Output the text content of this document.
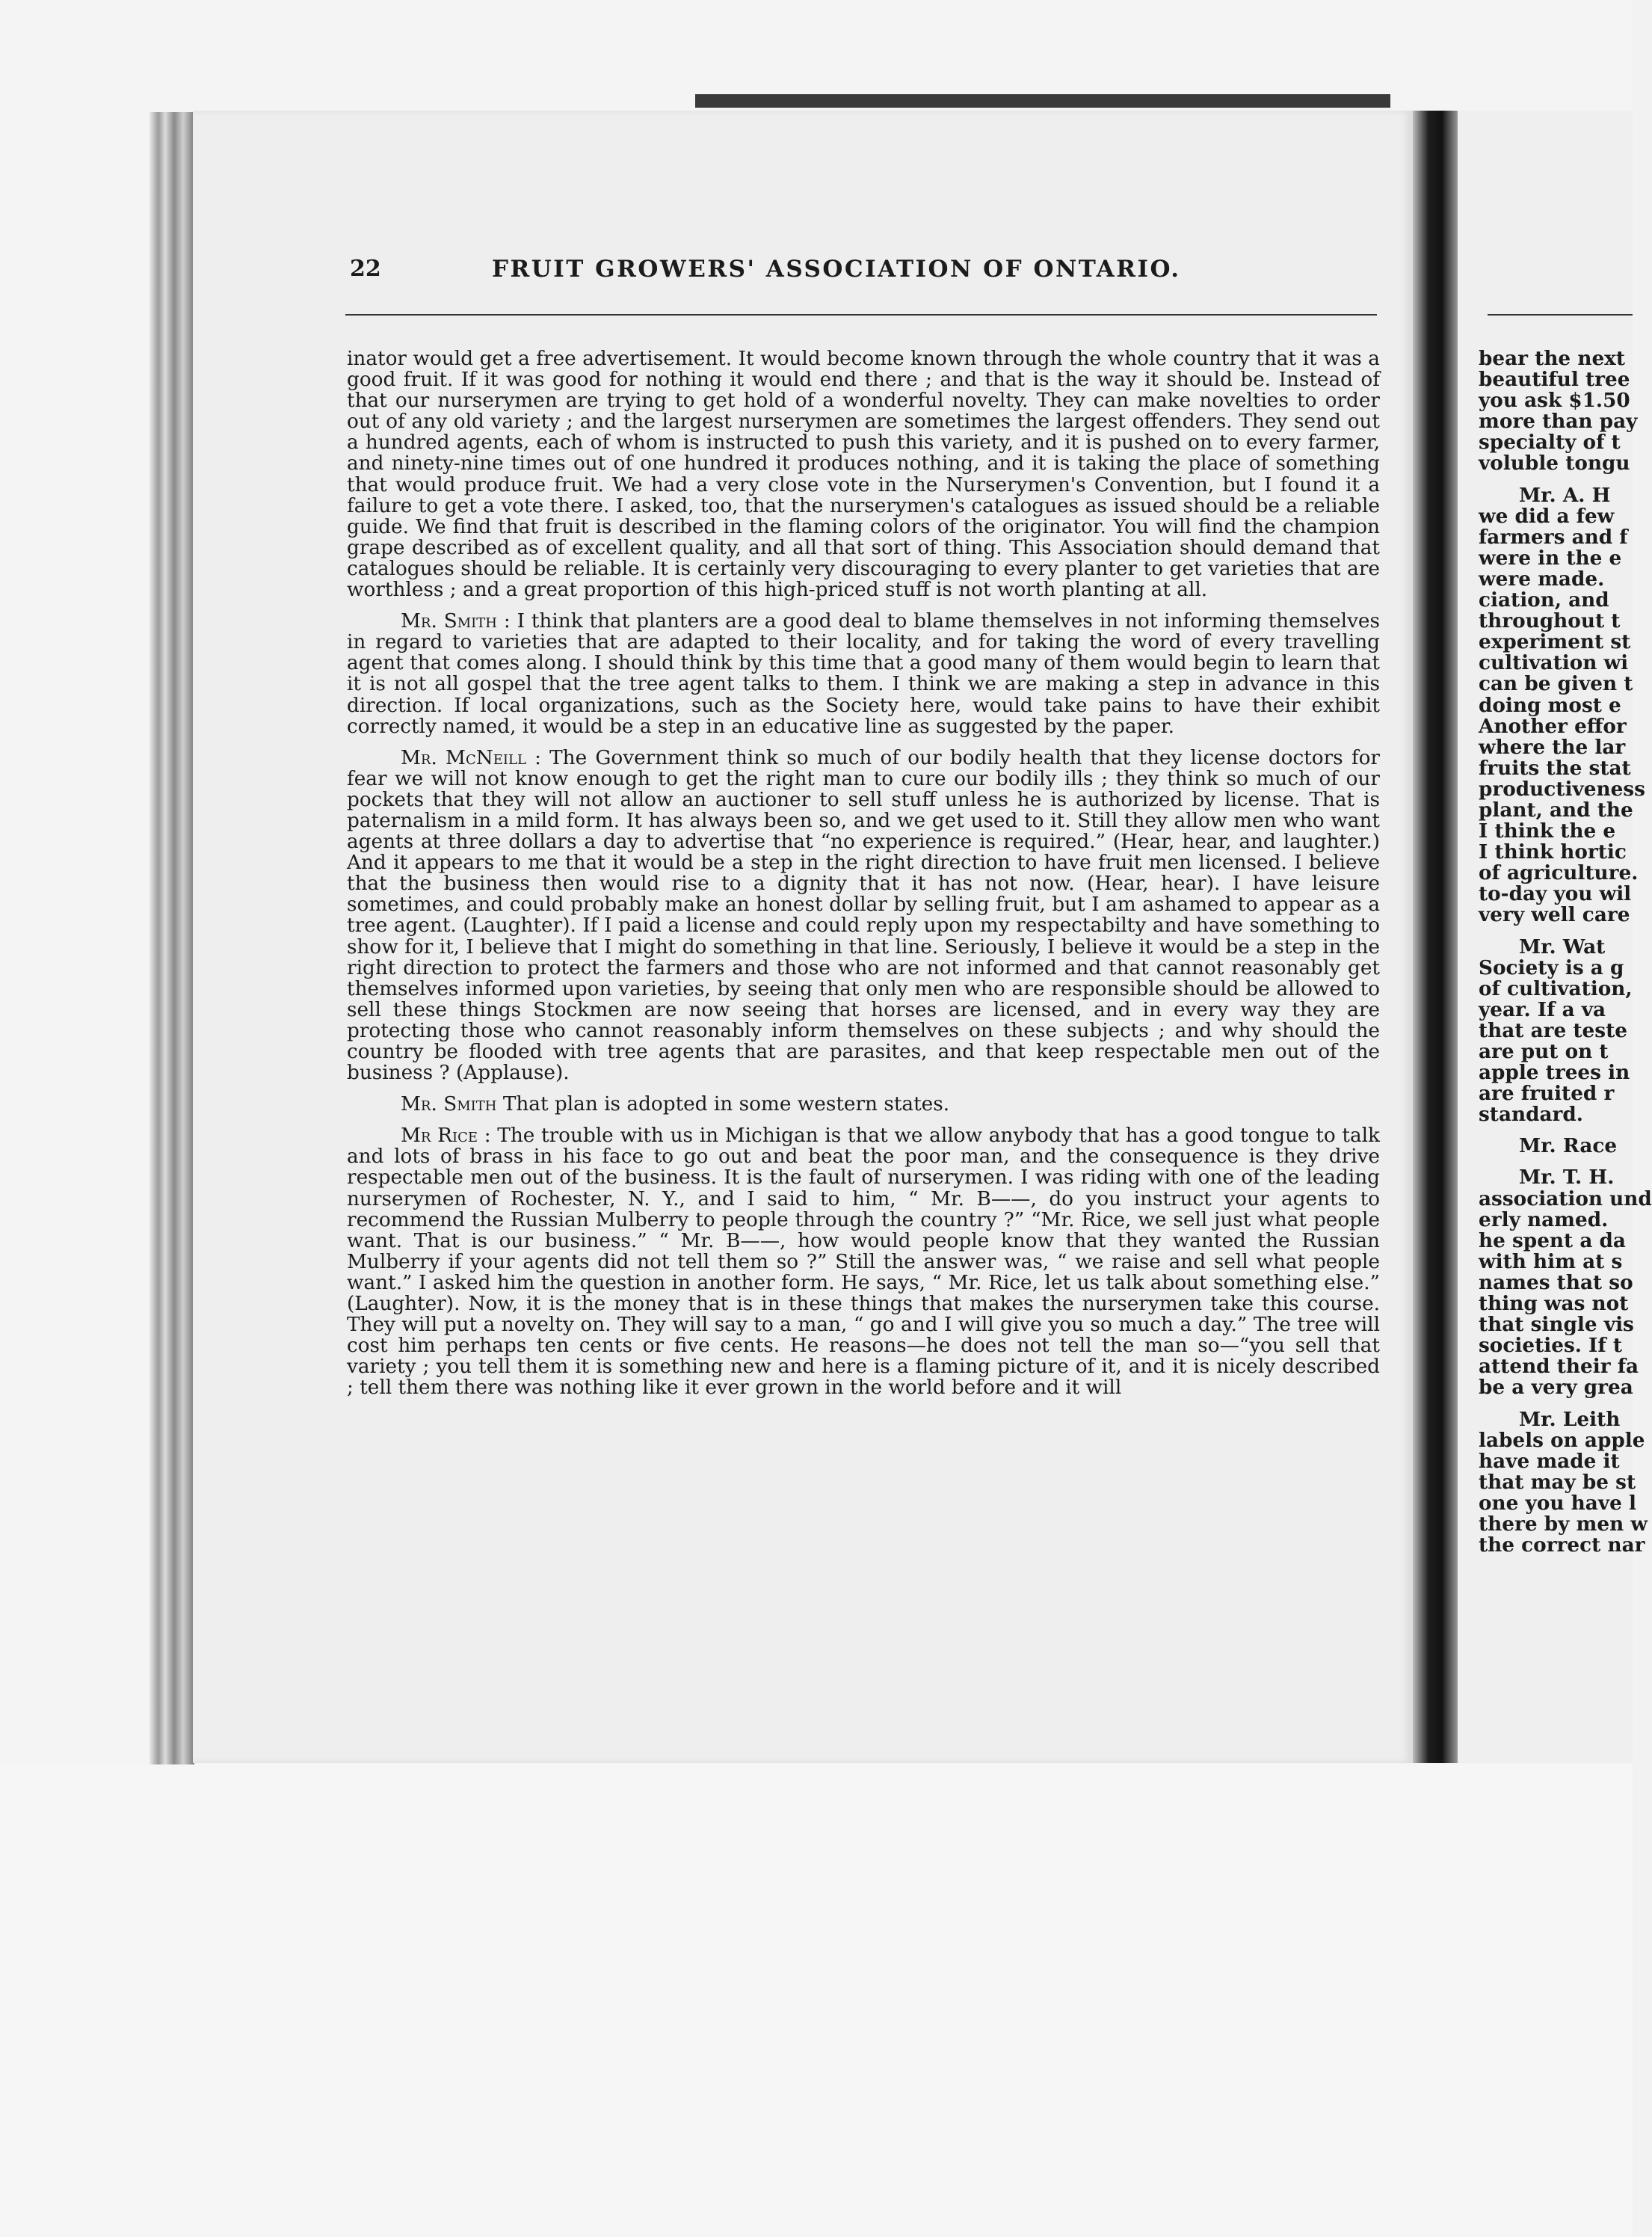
22	FRUIT GROWERS' ASSOCIATION OF ONTARIO.

inator would get a free advertisement. It would become known through the whole country that it was a good fruit. If it was good for nothing it would end there ; and that is the way it should be. Instead of that our nurserymen are trying to get hold of a wonderful novelty. They can make novelties to order out of any old variety ; and the largest nurserymen are sometimes the largest offenders. They send out a hundred agents, each of whom is instructed to push this variety, and it is pushed on to every farmer, and ninety-nine times out of one hundred it produces nothing, and it is taking the place of something that would produce fruit. We had a very close vote in the Nurserymen's Convention, but I found it a failure to get a vote there. I asked, too, that the nurserymen's catalogues as issued should be a reliable guide. We find that fruit is described in the flaming colors of the originator. You will find the champion grape described as of excellent quality, and all that sort of thing. This Association should demand that catalogues should be reliable. It is certainly very discouraging to every planter to get varieties that are worthless ; and a great proportion of this high-priced stuff is not worth planting at all.

Mr. Smith : I think that planters are a good deal to blame themselves in not informing themselves in regard to varieties that are adapted to their locality, and for taking the word of every travelling agent that comes along. I should think by this time that a good many of them would begin to learn that it is not all gospel that the tree agent talks to them. I think we are making a step in advance in this direction. If local organizations, such as the Society here, would take pains to have their exhibit correctly named, it would be a step in an educative line as suggested by the paper.

Mr. McNeill : The Government think so much of our bodily health that they license doctors for fear we will not know enough to get the right man to cure our bodily ills ; they think so much of our pockets that they will not allow an auctioner to sell stuff unless he is authorized by license. That is paternalism in a mild form. It has always been so, and we get used to it. Still they allow men who want agents at three dollars a day to advertise that “no experience is required.” (Hear, hear, and laughter.) And it appears to me that it would be a step in the right direction to have fruit men licensed. I believe that the business then would rise to a dignity that it has not now. (Hear, hear). I have leisure sometimes, and could probably make an honest dollar by selling fruit, but I am ashamed to appear as a tree agent. (Laughter). If I paid a license and could reply upon my respectabilty and have something to show for it, I believe that I might do something in that line. Seriously, I believe it would be a step in the right direction to protect the farmers and those who are not informed and that cannot reasonably get themselves informed upon varieties, by seeing that only men who are responsible should be allowed to sell these things Stockmen are now seeing that horses are licensed, and in every way they are protecting those who cannot reasonably inform themselves on these subjects ; and why should the country be flooded with tree agents that are parasites, and that keep respectable men out of the business ? (Applause).

Mr. Smith That plan is adopted in some western states.

Mr Rice : The trouble with us in Michigan is that we allow anybody that has a good tongue to talk and lots of brass in his face to go out and beat the poor man, and the consequence is they drive respectable men out of the business. It is the fault of nurserymen. I was riding with one of the leading nurserymen of Rochester, N. Y., and I said to him, “ Mr. B——, do you instruct your agents to recommend the Russian Mulberry to people through the country ?” “Mr. Rice, we sell just what people want. That is our business.” “ Mr. B——, how would people know that they wanted the Russian Mulberry if your agents did not tell them so ?” Still the answer was, “ we raise and sell what people want.” I asked him the question in another form. He says, “ Mr. Rice, let us talk about something else.” (Laughter). Now, it is the money that is in these things that makes the nurserymen take this course. They will put a novelty on. They will say to a man, “ go and I will give you so much a day.” The tree will cost him perhaps ten cents or five cents. He reasons—he does not tell the man so—“you sell that variety ; you tell them it is something new and here is a flaming picture of it, and it is nicely described ; tell them there was nothing like it ever grown in the world before and it will

bear the next
beautiful tree
you ask $1.50
more than pay
specialty of t
voluble tongu
Mr. A. H
we did a few
farmers and f
were in the e
were made.
ciation, and
throughout t
experiment st
cultivation wi
can be given t
doing most e
Another effor
where the lar
fruits the stat
productiveness
plant, and the
I think the e
I think hortic
of agriculture.
to-day you wil
very well care
Mr. Wat
Society is a g
of cultivation,
year. If a va
that are teste
are put on t
apple trees in
are fruited r
standard.
Mr. Race
Mr. T. H.
association und
erly named.
he spent a da
with him at s
names that so
thing was not
that single vis
societies. If t
attend their fa
be a very grea
Mr. Leith
labels on apple
have made it
that may be st
one you have l
there by men w
the correct nar
